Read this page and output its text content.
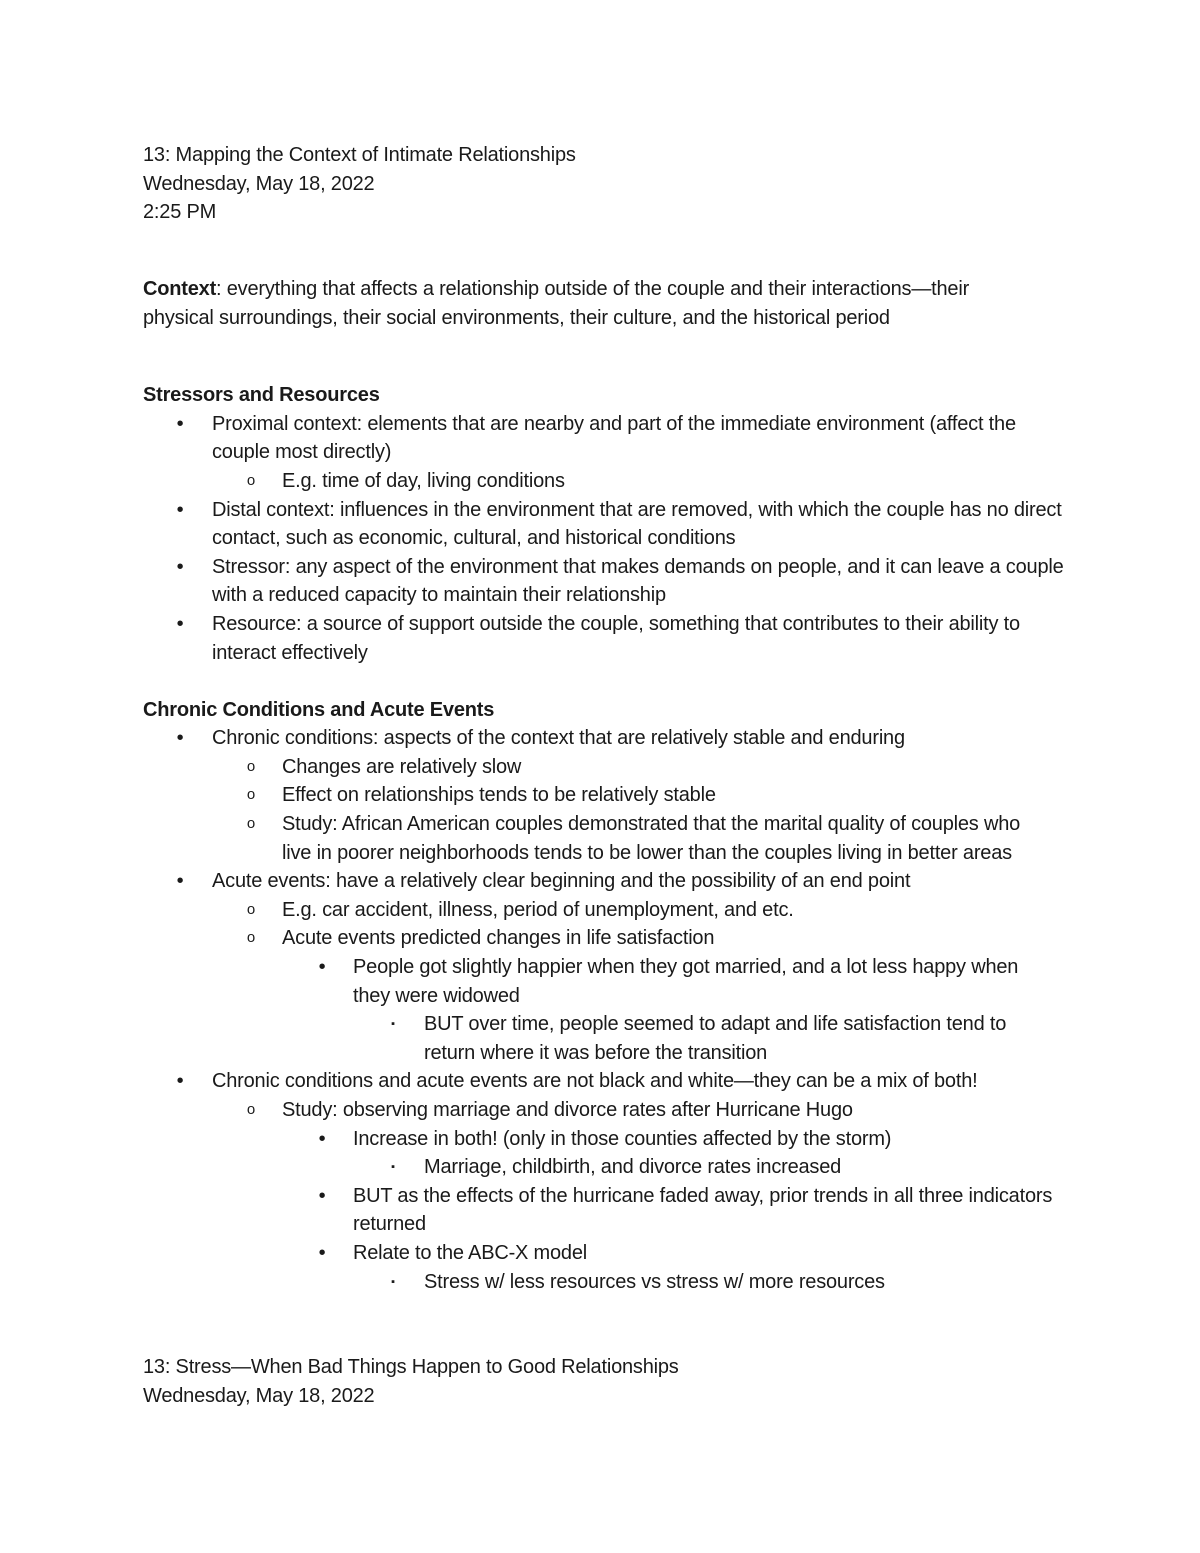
13: Mapping the Context of Intimate Relationships

Wednesday, May 18, 2022

2:25 PM

Context: everything that affects a relationship outside of the couple and their interactions—their physical surroundings, their social environments, their culture, and the historical period

Stressors and Resources

•	Proximal context: elements that are nearby and part of the immediate environment (affect the couple most directly)
o E.g. time of day, living conditions
•	Distal context: influences in the environment that are removed, with which the couple has no direct contact, such as economic, cultural, and historical conditions
•	Stressor: any aspect of the environment that makes demands on people, and it can leave a couple with a reduced capacity to maintain their relationship
•	Resource: a source of support outside the couple, something that contributes to their ability to interact effectively

Chronic Conditions and Acute Events

•	Chronic conditions: aspects of the context that are relatively stable and enduring
o Changes are relatively slow
o Effect on relationships tends to be relatively stable
o Study: African American couples demonstrated that the marital quality of couples who live in poorer neighborhoods tends to be lower than the couples living in better areas
•	Acute events: have a relatively clear beginning and the possibility of an end point
o E.g. car accident, illness, period of unemployment, and etc.
o Acute events predicted changes in life satisfaction
•	People got slightly happier when they got married, and a lot less happy when they were widowed
▪	BUT over time, people seemed to adapt and life satisfaction tend to return where it was before the transition
•	Chronic conditions and acute events are not black and white—they can be a mix of both!
o Study: observing marriage and divorce rates after Hurricane Hugo
•	Increase in both! (only in those counties affected by the storm)
▪	Marriage, childbirth, and divorce rates increased
•	BUT as the effects of the hurricane faded away, prior trends in all three indicators returned
•	Relate to the ABC-X model
▪	Stress w/ less resources vs stress w/ more resources

13: Stress—When Bad Things Happen to Good Relationships

Wednesday, May 18, 2022
